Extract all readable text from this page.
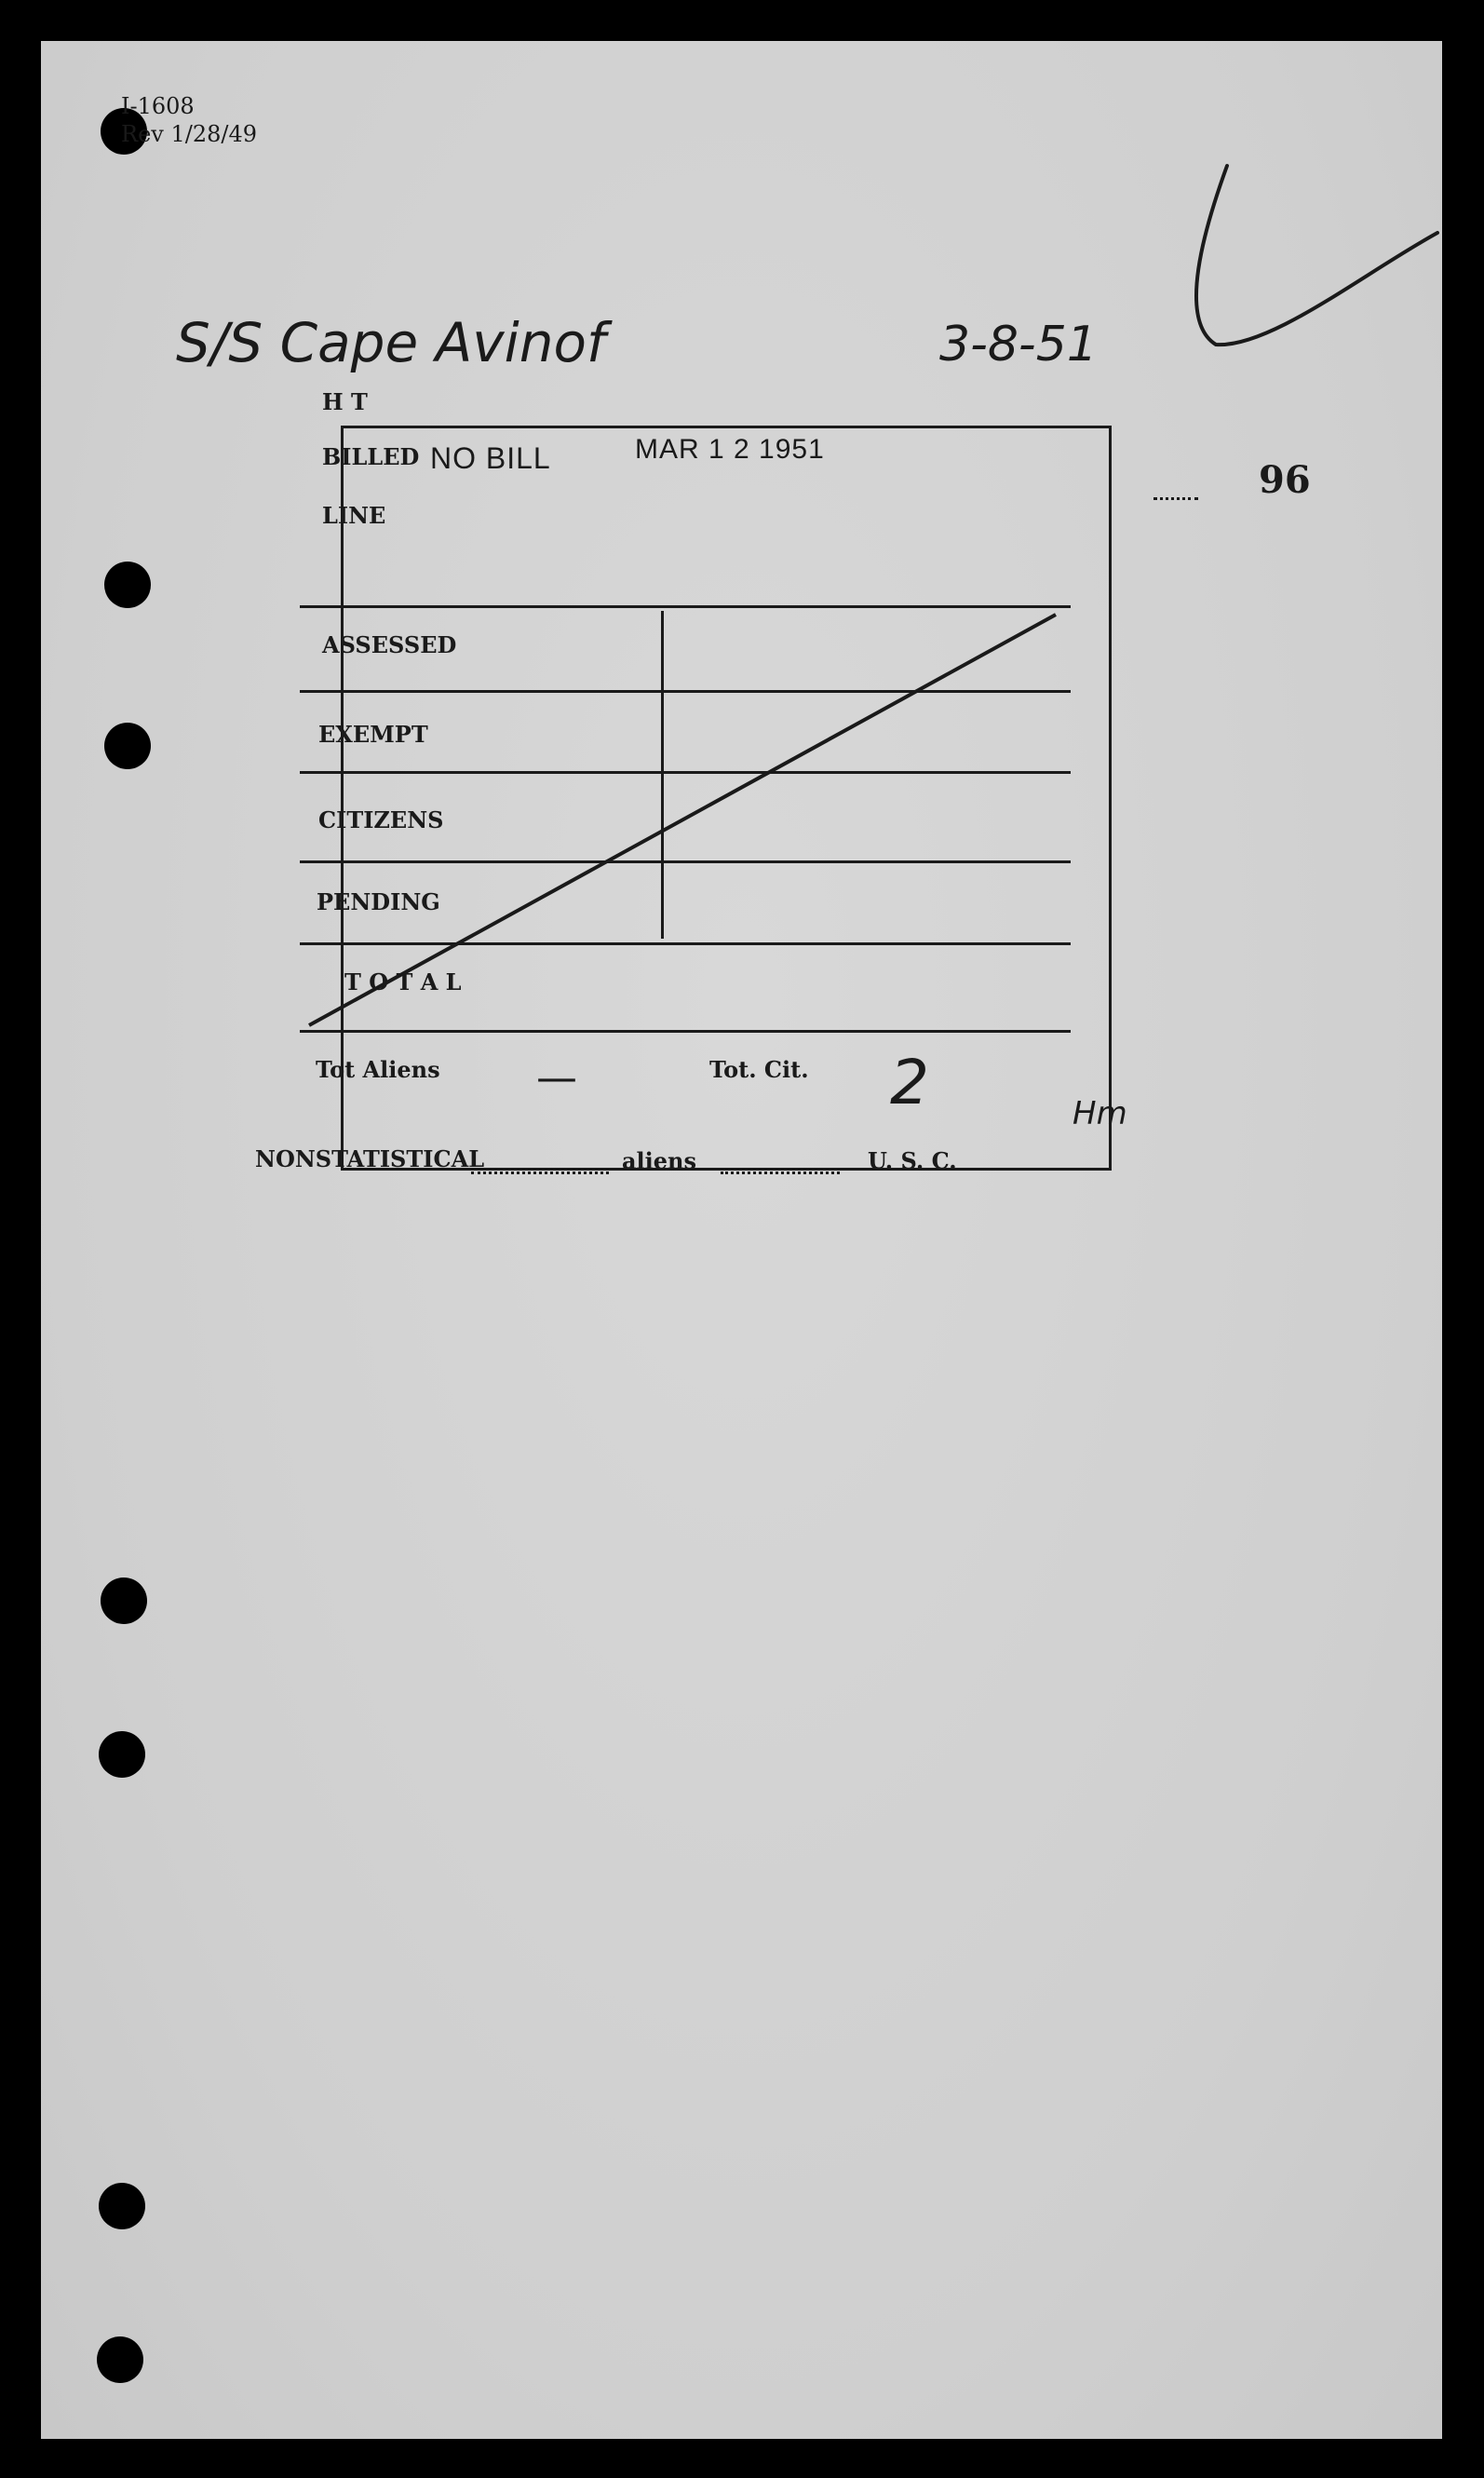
I-1608
Rev 1/28/49
S/S Cape Avinof	3-8-51
96
H T
BILLED NO BILL	MAR 1 2 1951
LINE
ASSESSED
EXEMPT
CITIZENS
PENDING
T O T A L
Tot Aliens —	Tot. Cit. 2	Hm
NONSTATISTICAL	aliens	U. S. C.
